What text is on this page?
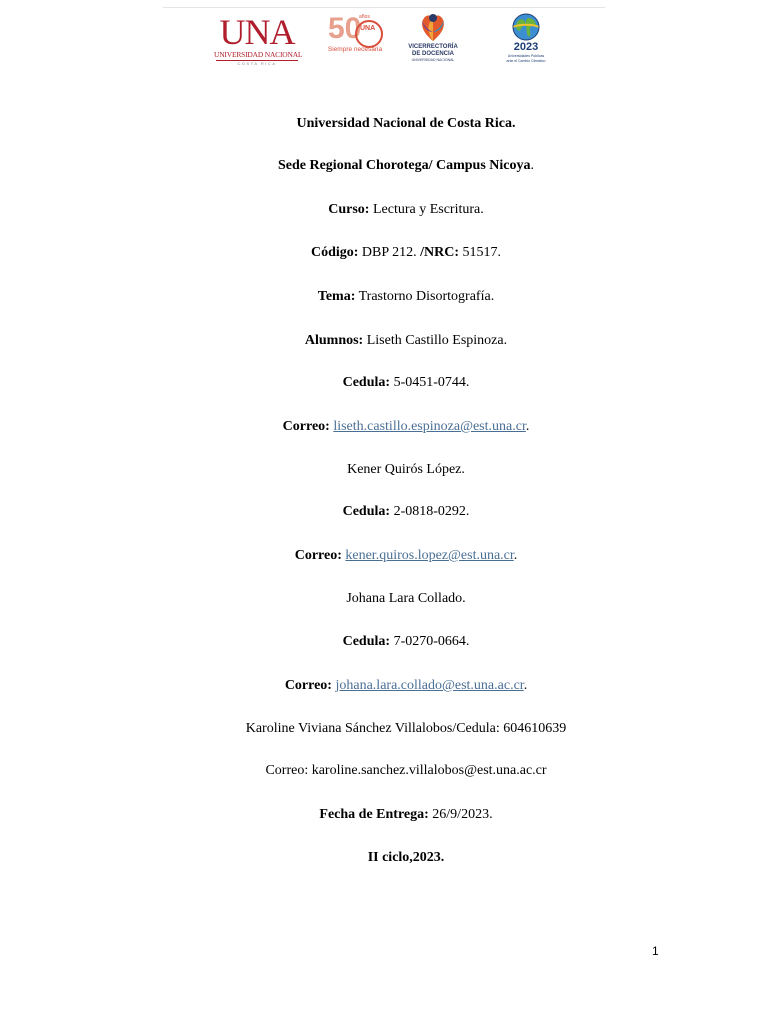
UNA
UNIVERSIDAD NACIONAL
COSTA RICA
50
años
UNA
Siempre necesaria	VICERRECTORÍA
DE DOCENCIA
UNIVERSIDAD NACIONAL
2023
Universidades Públicas
ante el Cambio Climático
Universidad Nacional de Costa Rica.
Sede Regional Chorotega/ Campus Nicoya.
Curso: Lectura y Escritura.
Código: DBP 212. /NRC: 51517.
Tema: Trastorno Disortografía.
Alumnos: Liseth Castillo Espinoza.
Cedula: 5-0451-0744.
Correo: liseth.castillo.espinoza@est.una.cr.
Kener Quirós López.
Cedula: 2-0818-0292.
Correo: kener.quiros.lopez@est.una.cr.
Johana Lara Collado.
Cedula: 7-0270-0664.
Correo: johana.lara.collado@est.una.ac.cr.
Karoline Viviana Sánchez Villalobos/Cedula: 604610639
Correo: karoline.sanchez.villalobos@est.una.ac.cr
Fecha de Entrega: 26/9/2023.
II ciclo,2023.
1
